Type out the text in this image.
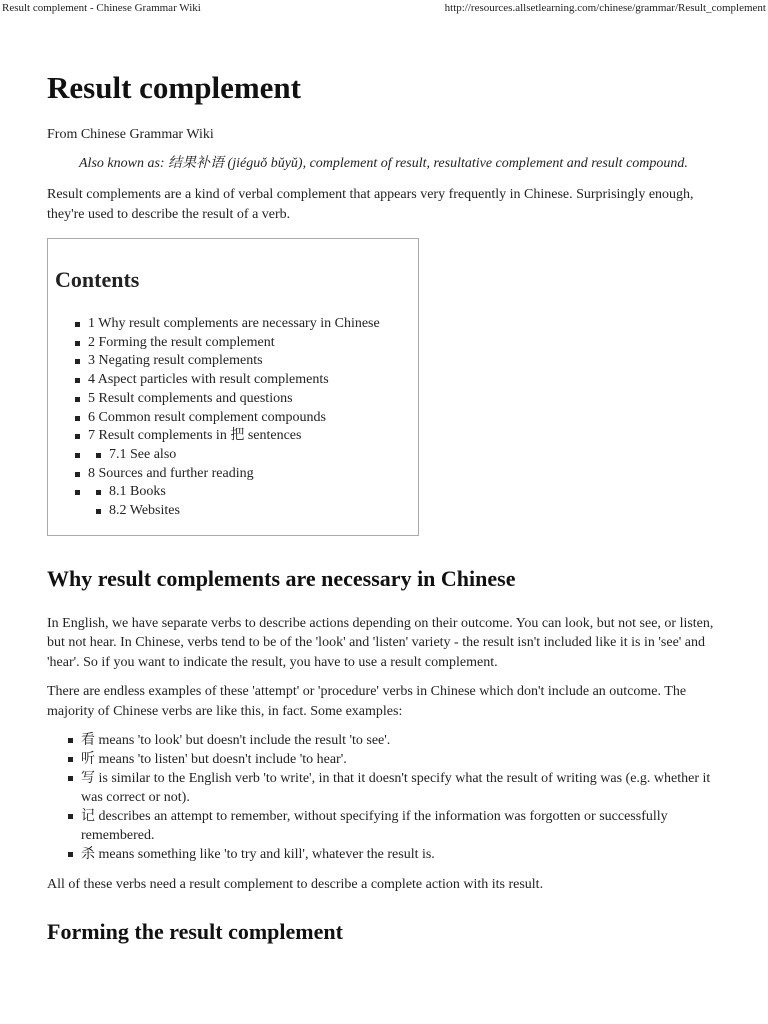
Result complement - Chinese Grammar Wiki	http://resources.allsetlearning.com/chinese/grammar/Result_complement
Result complement
From Chinese Grammar Wiki
Also known as: 结果补语 (jiéguǒ bǔyǔ), complement of result, resultative complement and result compound.

Result complements are a kind of verbal complement that appears very frequently in Chinese. Surprisingly enough, they're used to describe the result of a verb.

Contents
1 Why result complements are necessary in Chinese
2 Forming the result complement
3 Negating result complements
4 Aspect particles with result complements
5 Result complements and questions
6 Common result complement compounds
7 Result complements in 把 sentences
7.1 See also
8 Sources and further reading
8.1 Books
8.2 Websites
Why result complements are necessary in Chinese

In English, we have separate verbs to describe actions depending on their outcome. You can look, but not see, or listen, but not hear. In Chinese, verbs tend to be of the 'look' and 'listen' variety - the result isn't included like it is in 'see' and 'hear'. So if you want to indicate the result, you have to use a result complement.

There are endless examples of these 'attempt' or 'procedure' verbs in Chinese which don't include an outcome. The majority of Chinese verbs are like this, in fact. Some examples:

看 means 'to look' but doesn't include the result 'to see'.
听 means 'to listen' but doesn't include 'to hear'.
写 is similar to the English verb 'to write', in that it doesn't specify what the result of writing was (e.g. whether it was correct or not).
记 describes an attempt to remember, without specifying if the information was forgotten or successfully remembered.
杀 means something like 'to try and kill', whatever the result is.

All of these verbs need a result complement to describe a complete action with its result.

Forming the result complement
